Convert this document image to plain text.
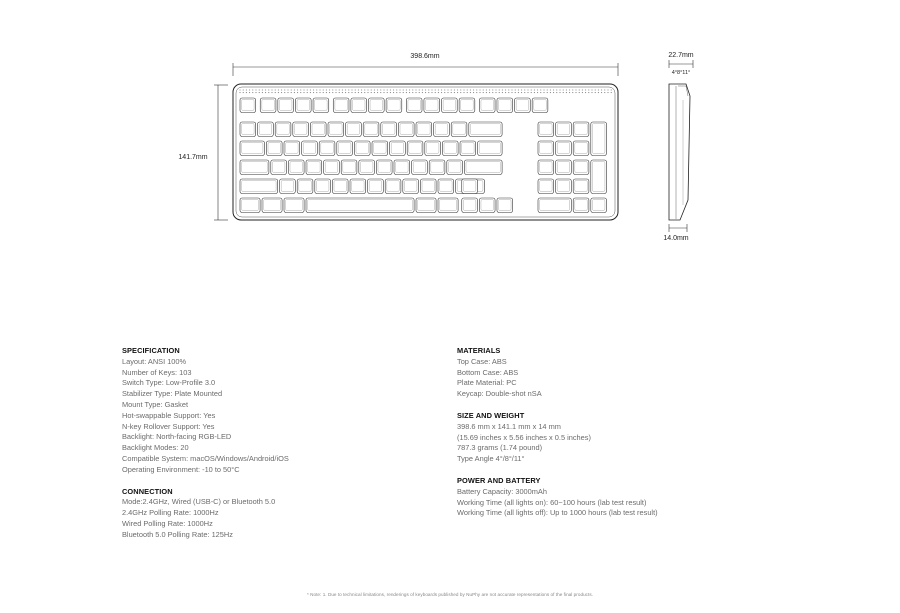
398.6mm
141.7mm
22.7mm
4°8°11°
14.0mm
SPECIFICATION
Layout: ANSI 100%
Number of Keys: 103
Switch Type: Low-Profile 3.0
Stabilizer Type: Plate Mounted
Mount Type: Gasket
Hot-swappable Support: Yes
N-key Rollover Support: Yes
Backlight: North-facing RGB-LED
Backlight Modes: 20
Compatible System: macOS/Windows/Android/iOS
Operating Environment: -10 to 50°C
CONNECTION
Mode:2.4GHz, Wired (USB-C) or Bluetooth 5.0
2.4GHz Polling Rate: 1000Hz
Wired Polling Rate: 1000Hz
Bluetooth 5.0 Polling Rate: 125Hz
MATERIALS
Top Case: ABS
Bottom Case: ABS
Plate Material: PC
Keycap: Double-shot nSA
SIZE AND WEIGHT
398.6 mm x 141.1 mm x 14 mm
(15.69 inches x 5.56 inches x 0.5 inches)
787.3 grams (1.74 pound)
Type Angle 4°/8°/11°
POWER AND BATTERY
Battery Capacity: 3000mAh
Working Time (all lights on): 60~100 hours (lab test result)
Working Time (all lights off): Up to 1000 hours (lab test result)
* Note: 1. Due to technical limitations, renderings of keyboards published by NuPhy are not accurate representations of the final products.
